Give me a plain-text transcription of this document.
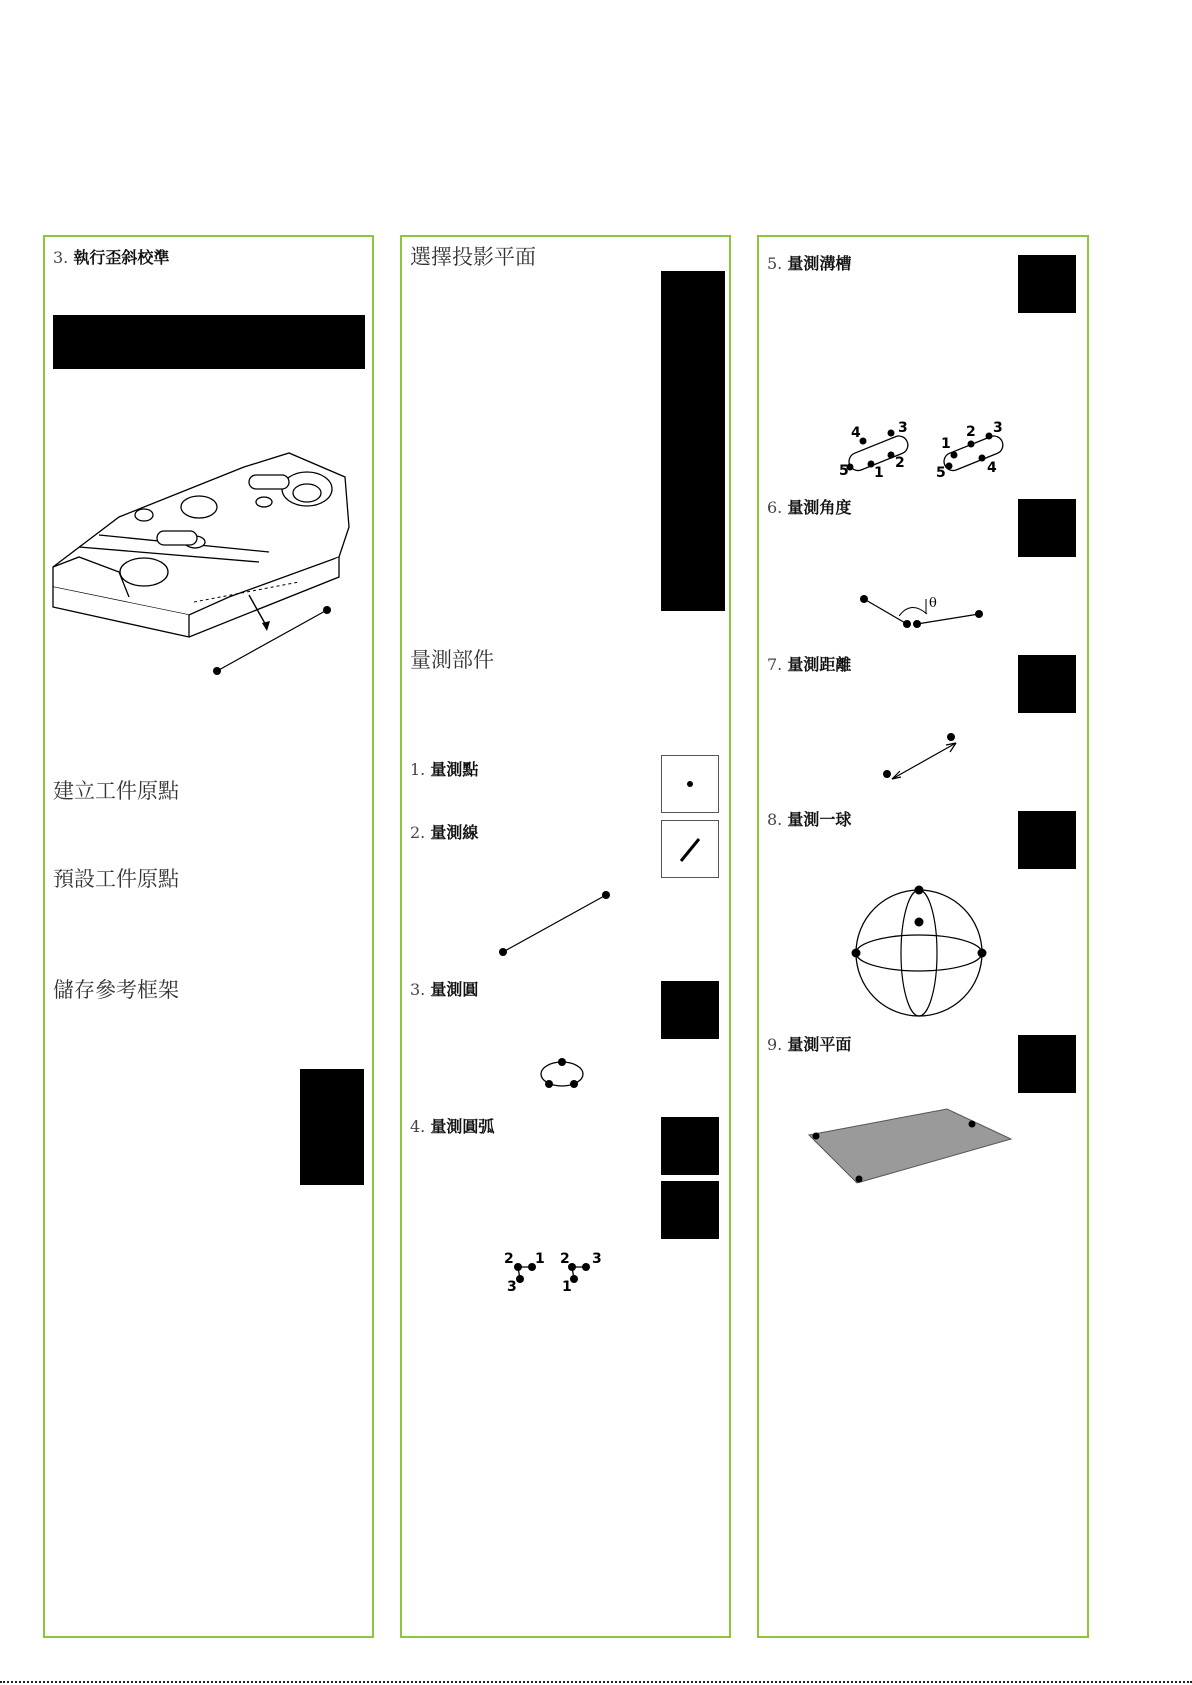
3. 執行歪斜校準
建立工件原點
預設工件原點
儲存參考框架
選擇投影平面
量測部件
1. 量測點
2. 量測線
3. 量測圓
4. 量測圓弧
2 1
3
2 3
1
5. 量測溝槽
4	3
5 1
2
1
2 3
5	4
6. 量測角度
θ
7. 量測距離
8. 量測一球
9. 量測平面
